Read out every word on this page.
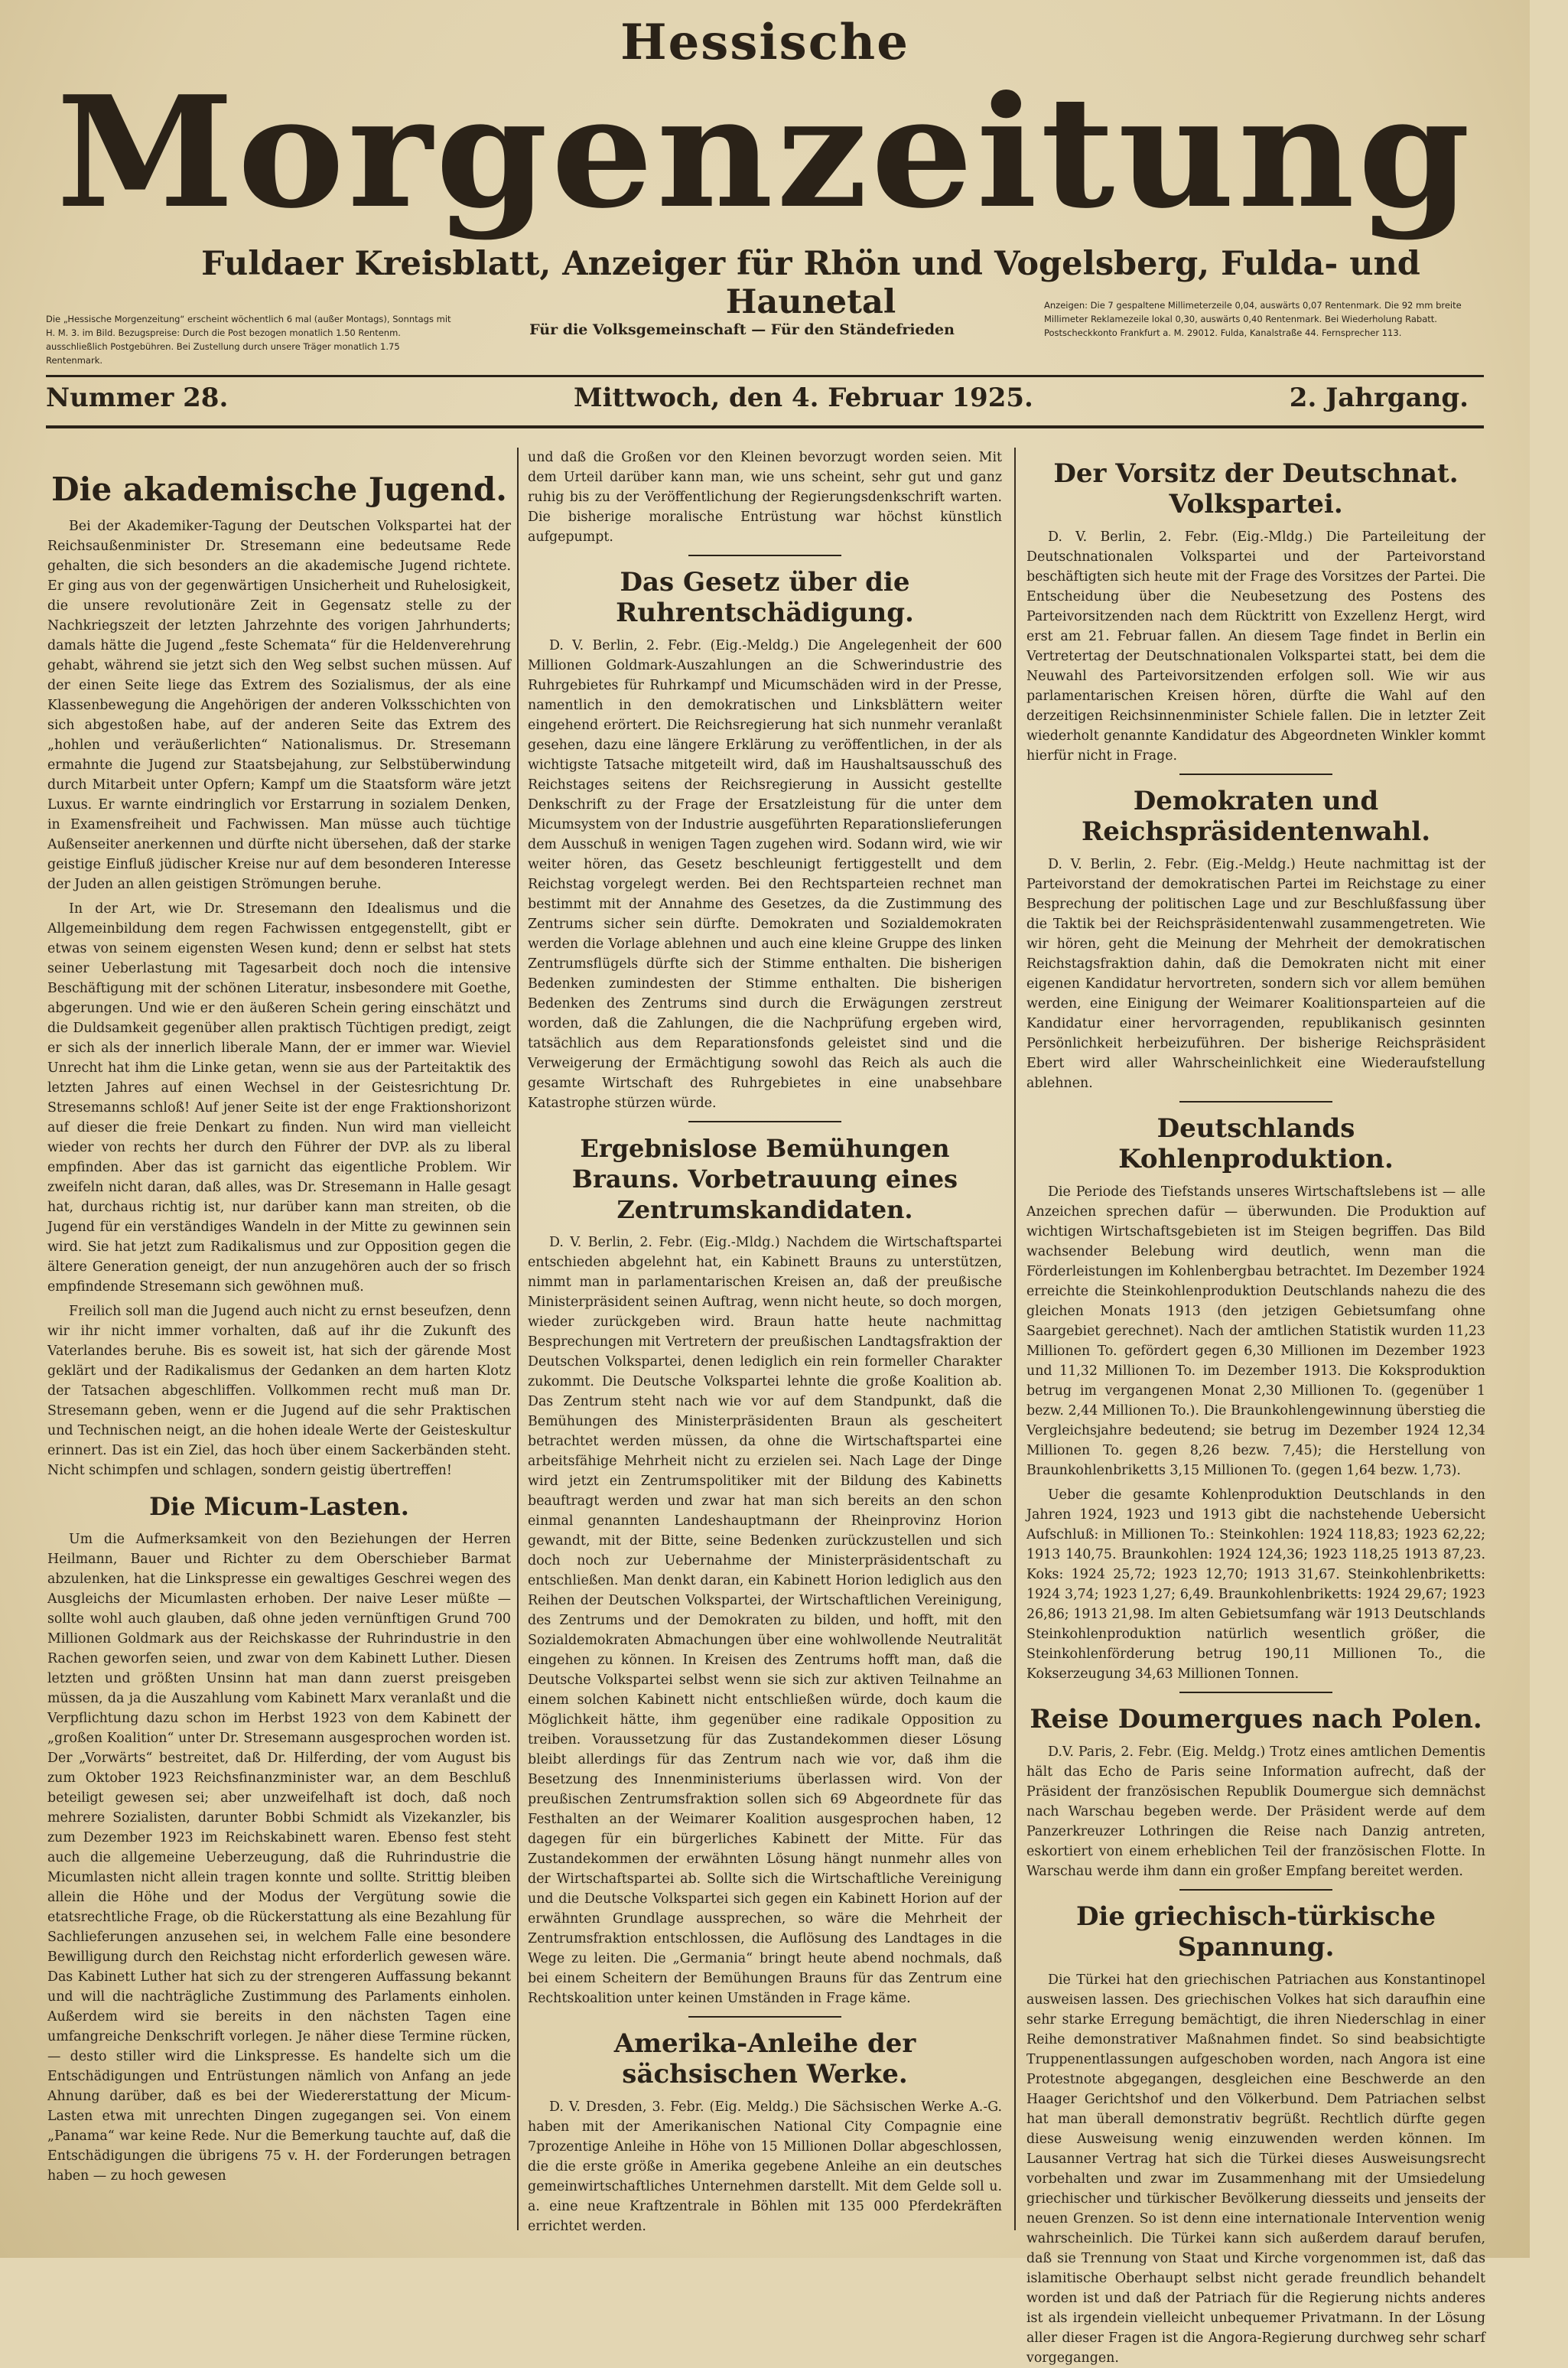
Hessische
Morgenzeitung
Fuldaer Kreisblatt, Anzeiger für Rhön und Vogelsberg, Fulda- und Haunetal
Die „Hessische Morgenzeitung“ erscheint wöchentlich 6 mal (außer Montags), Sonntags mit H. M. 3. im Bild. Bezugspreise: Durch die Post bezogen monatlich 1.50 Rentenm. ausschließlich Postgebühren. Bei Zustellung durch unsere Träger monatlich 1.75 Rentenmark.
Für die Volksgemeinschaft — Für den Ständefrieden
Anzeigen: Die 7 gespaltene Millimeterzeile 0,04, auswärts 0,07 Rentenmark. Die 92 mm breite Millimeter Reklamezeile lokal 0,30, auswärts 0,40 Rentenmark. Bei Wiederholung Rabatt. Postscheckkonto Frankfurt a. M. 29012. Fulda, Kanalstraße 44. Fernsprecher 113.
Nummer 28.	Mittwoch, den 4. Februar 1925.	2. Jahrgang.
Die akademische Jugend.

Bei der Akademiker-Tagung der Deutschen Volkspartei hat der Reichsaußenminister Dr. Stresemann eine bedeutsame Rede gehalten, die sich besonders an die akademische Jugend richtete. Er ging aus von der gegenwärtigen Unsicherheit und Ruhelosigkeit, die unsere revolutionäre Zeit in Gegensatz stelle zu der Nachkriegszeit der letzten Jahrzehnte des vorigen Jahrhunderts; damals hätte die Jugend „feste Schemata“ für die Heldenverehrung gehabt, während sie jetzt sich den Weg selbst suchen müssen. Auf der einen Seite liege das Extrem des Sozialismus, der als eine Klassenbewegung die Angehörigen der anderen Volksschichten von sich abgestoßen habe, auf der anderen Seite das Extrem des „hohlen und veräußerlichten“ Nationalismus. Dr. Stresemann ermahnte die Jugend zur Staatsbejahung, zur Selbstüberwindung durch Mitarbeit unter Opfern; Kampf um die Staatsform wäre jetzt Luxus. Er warnte eindringlich vor Erstarrung in sozialem Denken, in Examensfreiheit und Fachwissen. Man müsse auch tüchtige Außenseiter anerkennen und dürfte nicht übersehen, daß der starke geistige Einfluß jüdischer Kreise nur auf dem besonderen Interesse der Juden an allen geistigen Strömungen beruhe.

In der Art, wie Dr. Stresemann den Idealismus und die Allgemeinbildung dem regen Fachwissen entgegenstellt, gibt er etwas von seinem eigensten Wesen kund; denn er selbst hat stets seiner Ueberlastung mit Tagesarbeit doch noch die intensive Beschäftigung mit der schönen Literatur, insbesondere mit Goethe, abgerungen. Und wie er den äußeren Schein gering einschätzt und die Duldsamkeit gegenüber allen praktisch Tüchtigen predigt, zeigt er sich als der innerlich liberale Mann, der er immer war. Wieviel Unrecht hat ihm die Linke getan, wenn sie aus der Parteitaktik des letzten Jahres auf einen Wechsel in der Geistesrichtung Dr. Stresemanns schloß! Auf jener Seite ist der enge Fraktionshorizont auf dieser die freie Denkart zu finden. Nun wird man vielleicht wieder von rechts her durch den Führer der DVP. als zu liberal empfinden. Aber das ist garnicht das eigentliche Problem. Wir zweifeln nicht daran, daß alles, was Dr. Stresemann in Halle gesagt hat, durchaus richtig ist, nur darüber kann man streiten, ob die Jugend für ein verständiges Wandeln in der Mitte zu gewinnen sein wird. Sie hat jetzt zum Radikalismus und zur Opposition gegen die ältere Generation geneigt, der nun anzugehören auch der so frisch empfindende Stresemann sich gewöhnen muß.

Freilich soll man die Jugend auch nicht zu ernst beseufzen, denn wir ihr nicht immer vorhalten, daß auf ihr die Zukunft des Vaterlandes beruhe. Bis es soweit ist, hat sich der gärende Most geklärt und der Radikalismus der Gedanken an dem harten Klotz der Tatsachen abgeschliffen. Vollkommen recht muß man Dr. Stresemann geben, wenn er die Jugend auf die sehr Praktischen und Technischen neigt, an die hohen ideale Werte der Geisteskultur erinnert. Das ist ein Ziel, das hoch über einem Sackerbänden steht. Nicht schimpfen und schlagen, sondern geistig übertreffen!

Die Micum-Lasten.

Um die Aufmerksamkeit von den Beziehungen der Herren Heilmann, Bauer und Richter zu dem Oberschieber Barmat abzulenken, hat die Linkspresse ein gewaltiges Geschrei wegen des Ausgleichs der Micumlasten erhoben. Der naive Leser müßte — sollte wohl auch glauben, daß ohne jeden vernünftigen Grund 700 Millionen Goldmark aus der Reichskasse der Ruhrindustrie in den Rachen geworfen seien, und zwar von dem Kabinett Luther. Diesen letzten und größten Unsinn hat man dann zuerst preisgeben müssen, da ja die Auszahlung vom Kabinett Marx veranlaßt und die Verpflichtung dazu schon im Herbst 1923 von dem Kabinett der „großen Koalition“ unter Dr. Stresemann ausgesprochen worden ist. Der „Vorwärts“ bestreitet, daß Dr. Hilferding, der vom August bis zum Oktober 1923 Reichsfinanzminister war, an dem Beschluß beteiligt gewesen sei; aber unzweifelhaft ist doch, daß noch mehrere Sozialisten, darunter Bobbi Schmidt als Vizekanzler, bis zum Dezember 1923 im Reichskabinett waren. Ebenso fest steht auch die allgemeine Ueberzeugung, daß die Ruhrindustrie die Micumlasten nicht allein tragen konnte und sollte. Strittig bleiben allein die Höhe und der Modus der Vergütung sowie die etatsrechtliche Frage, ob die Rückerstattung als eine Bezahlung für Sachlieferungen anzusehen sei, in welchem Falle eine besondere Bewilligung durch den Reichstag nicht erforderlich gewesen wäre. Das Kabinett Luther hat sich zu der strengeren Auffassung bekannt und will die nachträgliche Zustimmung des Parlaments einholen. Außerdem wird sie bereits in den nächsten Tagen eine umfangreiche Denkschrift vorlegen. Je näher diese Termine rücken, — desto stiller wird die Linkspresse. Es handelte sich um die Entschädigungen und Entrüstungen nämlich von Anfang an jede Ahnung darüber, daß es bei der Wiedererstattung der Micum-Lasten etwa mit unrechten Dingen zugegangen sei. Von einem „Panama“ war keine Rede. Nur die Bemerkung tauchte auf, daß die Entschädigungen die übrigens 75 v. H. der Forderungen betragen haben — zu hoch gewesen

und daß die Großen vor den Kleinen bevorzugt worden seien. Mit dem Urteil darüber kann man, wie uns scheint, sehr gut und ganz ruhig bis zu der Veröffentlichung der Regierungsdenkschrift warten. Die bisherige moralische Entrüstung war höchst künstlich aufgepumpt.

Das Gesetz über die Ruhrentschädigung.

D. V. Berlin, 2. Febr. (Eig.-Meldg.) Die Angelegenheit der 600 Millionen Goldmark-Auszahlungen an die Schwerindustrie des Ruhrgebietes für Ruhrkampf und Micumschäden wird in der Presse, namentlich in den demokratischen und Linksblättern weiter eingehend erörtert. Die Reichsregierung hat sich nunmehr veranlaßt gesehen, dazu eine längere Erklärung zu veröffentlichen, in der als wichtigste Tatsache mitgeteilt wird, daß im Haushaltsausschuß des Reichstages seitens der Reichsregierung in Aussicht gestellte Denkschrift zu der Frage der Ersatzleistung für die unter dem Micumsystem von der Industrie ausgeführten Reparationslieferungen dem Ausschuß in wenigen Tagen zugehen wird. Sodann wird, wie wir weiter hören, das Gesetz beschleunigt fertiggestellt und dem Reichstag vorgelegt werden. Bei den Rechtsparteien rechnet man bestimmt mit der Annahme des Gesetzes, da die Zustimmung des Zentrums sicher sein dürfte. Demokraten und Sozialdemokraten werden die Vorlage ablehnen und auch eine kleine Gruppe des linken Zentrumsflügels dürfte sich der Stimme enthalten. Die bisherigen Bedenken zumindesten der Stimme enthalten. Die bisherigen Bedenken des Zentrums sind durch die Erwägungen zerstreut worden, daß die Zahlungen, die die Nachprüfung ergeben wird, tatsächlich aus dem Reparationsfonds geleistet sind und die Verweigerung der Ermächtigung sowohl das Reich als auch die gesamte Wirtschaft des Ruhrgebietes in eine unabsehbare Katastrophe stürzen würde.

Ergebnislose Bemühungen Brauns. Vorbetrauung eines Zentrumskandidaten.

D. V. Berlin, 2. Febr. (Eig.-Mldg.) Nachdem die Wirtschaftspartei entschieden abgelehnt hat, ein Kabinett Brauns zu unterstützen, nimmt man in parlamentarischen Kreisen an, daß der preußische Ministerpräsident seinen Auftrag, wenn nicht heute, so doch morgen, wieder zurückgeben wird. Braun hatte heute nachmittag Besprechungen mit Vertretern der preußischen Landtagsfraktion der Deutschen Volkspartei, denen lediglich ein rein formeller Charakter zukommt. Die Deutsche Volkspartei lehnte die große Koalition ab. Das Zentrum steht nach wie vor auf dem Standpunkt, daß die Bemühungen des Ministerpräsidenten Braun als gescheitert betrachtet werden müssen, da ohne die Wirtschaftspartei eine arbeitsfähige Mehrheit nicht zu erzielen sei. Nach Lage der Dinge wird jetzt ein Zentrumspolitiker mit der Bildung des Kabinetts beauftragt werden und zwar hat man sich bereits an den schon einmal genannten Landeshauptmann der Rheinprovinz Horion gewandt, mit der Bitte, seine Bedenken zurückzustellen und sich doch noch zur Uebernahme der Ministerpräsidentschaft zu entschließen. Man denkt daran, ein Kabinett Horion lediglich aus den Reihen der Deutschen Volkspartei, der Wirtschaftlichen Vereinigung, des Zentrums und der Demokraten zu bilden, und hofft, mit den Sozialdemokraten Abmachungen über eine wohlwollende Neutralität eingehen zu können. In Kreisen des Zentrums hofft man, daß die Deutsche Volkspartei selbst wenn sie sich zur aktiven Teilnahme an einem solchen Kabinett nicht entschließen würde, doch kaum die Möglichkeit hätte, ihm gegenüber eine radikale Opposition zu treiben. Voraussetzung für das Zustandekommen dieser Lösung bleibt allerdings für das Zentrum nach wie vor, daß ihm die Besetzung des Innenministeriums überlassen wird. Von der preußischen Zentrumsfraktion sollen sich 69 Abgeordnete für das Festhalten an der Weimarer Koalition ausgesprochen haben, 12 dagegen für ein bürgerliches Kabinett der Mitte. Für das Zustandekommen der erwähnten Lösung hängt nunmehr alles von der Wirtschaftspartei ab. Sollte sich die Wirtschaftliche Vereinigung und die Deutsche Volkspartei sich gegen ein Kabinett Horion auf der erwähnten Grundlage aussprechen, so wäre die Mehrheit der Zentrumsfraktion entschlossen, die Auflösung des Landtages in die Wege zu leiten. Die „Germania“ bringt heute abend nochmals, daß bei einem Scheitern der Bemühungen Brauns für das Zentrum eine Rechtskoalition unter keinen Umständen in Frage käme.

Amerika-Anleihe der sächsischen Werke.

D. V. Dresden, 3. Febr. (Eig. Meldg.) Die Sächsischen Werke A.-G. haben mit der Amerikanischen National City Compagnie eine 7prozentige Anleihe in Höhe von 15 Millionen Dollar abgeschlossen, die die erste größe in Amerika gegebene Anleihe an ein deutsches gemeinwirtschaftliches Unternehmen darstellt. Mit dem Gelde soll u. a. eine neue Kraftzentrale in Böhlen mit 135 000 Pferdekräften errichtet werden.

Der Vorsitz der Deutschnat. Volkspartei.

D. V. Berlin, 2. Febr. (Eig.-Mldg.) Die Parteileitung der Deutschnationalen Volkspartei und der Parteivorstand beschäftigten sich heute mit der Frage des Vorsitzes der Partei. Die Entscheidung über die Neubesetzung des Postens des Parteivorsitzenden nach dem Rücktritt von Exzellenz Hergt, wird erst am 21. Februar fallen. An diesem Tage findet in Berlin ein Vertretertag der Deutschnationalen Volkspartei statt, bei dem die Neuwahl des Parteivorsitzenden erfolgen soll. Wie wir aus parlamentarischen Kreisen hören, dürfte die Wahl auf den derzeitigen Reichsinnenminister Schiele fallen. Die in letzter Zeit wiederholt genannte Kandidatur des Abgeordneten Winkler kommt hierfür nicht in Frage.

Demokraten und Reichspräsidentenwahl.

D. V. Berlin, 2. Febr. (Eig.-Meldg.) Heute nachmittag ist der Parteivorstand der demokratischen Partei im Reichstage zu einer Besprechung der politischen Lage und zur Beschlußfassung über die Taktik bei der Reichspräsidentenwahl zusammengetreten. Wie wir hören, geht die Meinung der Mehrheit der demokratischen Reichstagsfraktion dahin, daß die Demokraten nicht mit einer eigenen Kandidatur hervortreten, sondern sich vor allem bemühen werden, eine Einigung der Weimarer Koalitionsparteien auf die Kandidatur einer hervorragenden, republikanisch gesinnten Persönlichkeit herbeizuführen. Der bisherige Reichspräsident Ebert wird aller Wahrscheinlichkeit eine Wiederaufstellung ablehnen.

Deutschlands Kohlenproduktion.

Die Periode des Tiefstands unseres Wirtschaftslebens ist — alle Anzeichen sprechen dafür — überwunden. Die Produktion auf wichtigen Wirtschaftsgebieten ist im Steigen begriffen. Das Bild wachsender Belebung wird deutlich, wenn man die Förderleistungen im Kohlenbergbau betrachtet. Im Dezember 1924 erreichte die Steinkohlenproduktion Deutschlands nahezu die des gleichen Monats 1913 (den jetzigen Gebietsumfang ohne Saargebiet gerechnet). Nach der amtlichen Statistik wurden 11,23 Millionen To. gefördert gegen 6,30 Millionen im Dezember 1923 und 11,32 Millionen To. im Dezember 1913. Die Koksproduktion betrug im vergangenen Monat 2,30 Millionen To. (gegenüber 1 bezw. 2,44 Millionen To.). Die Braunkohlengewinnung überstieg die Vergleichsjahre bedeutend; sie betrug im Dezember 1924 12,34 Millionen To. gegen 8,26 bezw. 7,45); die Herstellung von Braunkohlenbriketts 3,15 Millionen To. (gegen 1,64 bezw. 1,73).

Ueber die gesamte Kohlenproduktion Deutschlands in den Jahren 1924, 1923 und 1913 gibt die nachstehende Uebersicht Aufschluß: in Millionen To.: Steinkohlen: 1924 118,83; 1923 62,22; 1913 140,75. Braunkohlen: 1924 124,36; 1923 118,25 1913 87,23. Koks: 1924 25,72; 1923 12,70; 1913 31,67. Steinkohlenbriketts: 1924 3,74; 1923 1,27; 6,49. Braunkohlenbriketts: 1924 29,67; 1923 26,86; 1913 21,98. Im alten Gebietsumfang wär 1913 Deutschlands Steinkohlenproduktion natürlich wesentlich größer, die Steinkohlenförderung betrug 190,11 Millionen To., die Kokserzeugung 34,63 Millionen Tonnen.

Reise Doumergues nach Polen.

D.V. Paris, 2. Febr. (Eig. Meldg.) Trotz eines amtlichen Dementis hält das Echo de Paris seine Information aufrecht, daß der Präsident der französischen Republik Doumergue sich demnächst nach Warschau begeben werde. Der Präsident werde auf dem Panzerkreuzer Lothringen die Reise nach Danzig antreten, eskortiert von einem erheblichen Teil der französischen Flotte. In Warschau werde ihm dann ein großer Empfang bereitet werden.

Die griechisch-türkische Spannung.

Die Türkei hat den griechischen Patriachen aus Konstantinopel ausweisen lassen. Des griechischen Volkes hat sich daraufhin eine sehr starke Erregung bemächtigt, die ihren Niederschlag in einer Reihe demonstrativer Maßnahmen findet. So sind beabsichtigte Truppenentlassungen aufgeschoben worden, nach Angora ist eine Protestnote abgegangen, desgleichen eine Beschwerde an den Haager Gerichtshof und den Völkerbund. Dem Patriachen selbst hat man überall demonstrativ begrüßt. Rechtlich dürfte gegen diese Ausweisung wenig einzuwenden werden können. Im Lausanner Vertrag hat sich die Türkei dieses Ausweisungsrecht vorbehalten und zwar im Zusammenhang mit der Umsiedelung griechischer und türkischer Bevölkerung diesseits und jenseits der neuen Grenzen. So ist denn eine internationale Intervention wenig wahrscheinlich. Die Türkei kann sich außerdem darauf berufen, daß sie Trennung von Staat und Kirche vorgenommen ist, daß das islamitische Oberhaupt selbst nicht gerade freundlich behandelt worden ist und daß der Patriach für die Regierung nichts anderes ist als irgendein vielleicht unbequemer Privatmann. In der Lösung aller dieser Fragen ist die Angora-Regierung durchweg sehr scharf vorgegangen.
